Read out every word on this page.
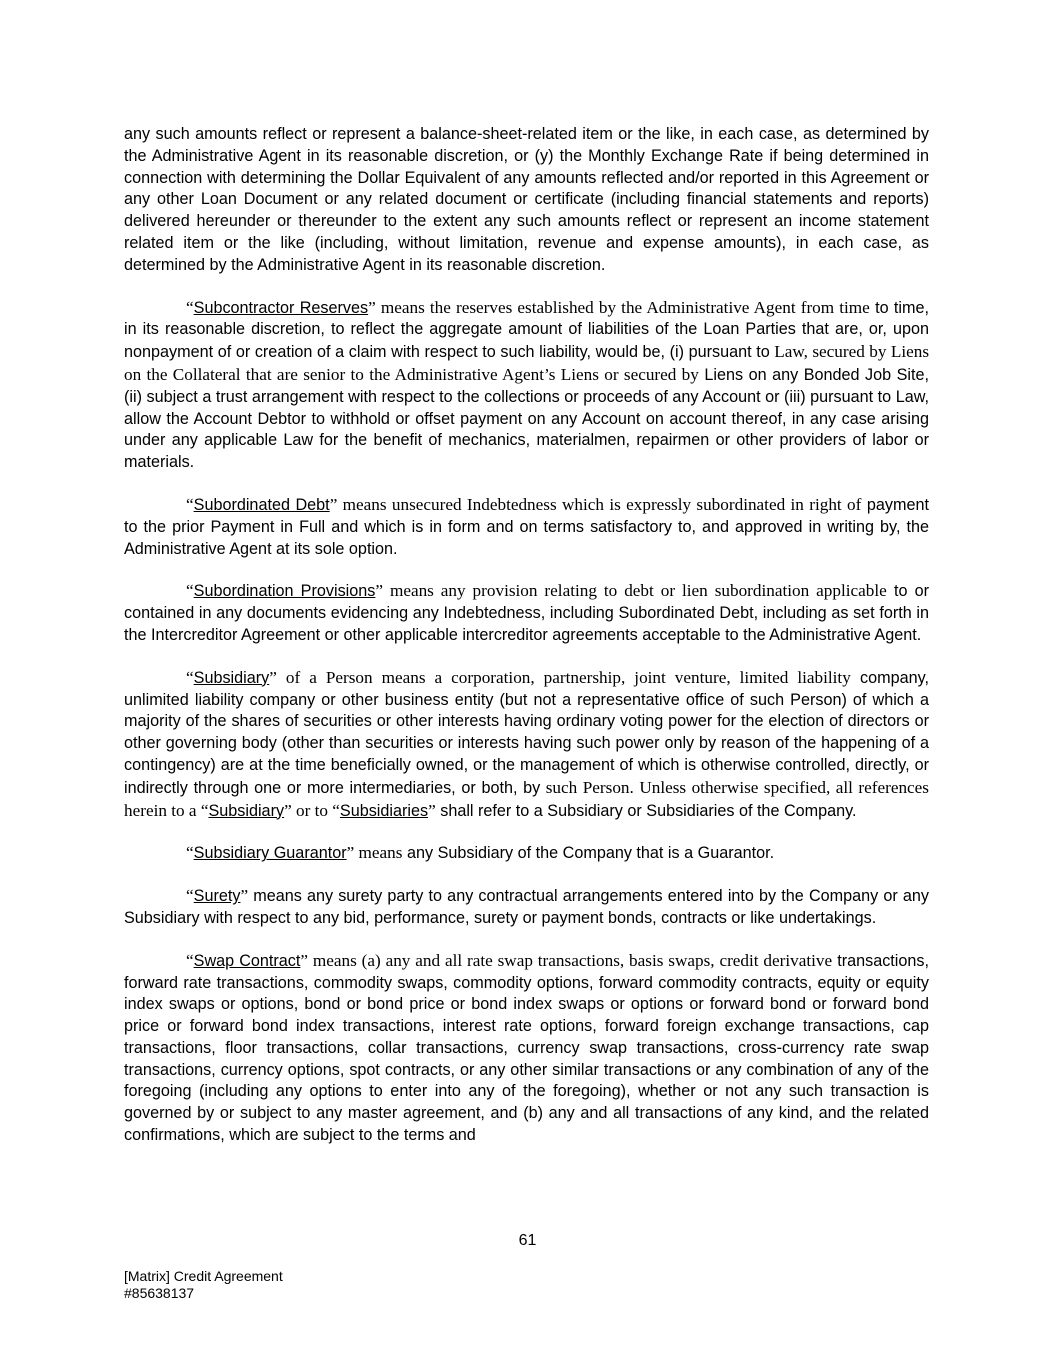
any such amounts reflect or represent a balance-sheet-related item or the like, in each case, as determined by the Administrative Agent in its reasonable discretion, or (y) the Monthly Exchange Rate if being determined in connection with determining the Dollar Equivalent of any amounts reflected and/or reported in this Agreement or any other Loan Document or any related document or certificate (including financial statements and reports) delivered hereunder or thereunder to the extent any such amounts reflect or represent an income statement related item or the like (including, without limitation, revenue and expense amounts), in each case, as determined by the Administrative Agent in its reasonable discretion.

“Subcontractor Reserves” means the reserves established by the Administrative Agent from time to time, in its reasonable discretion, to reflect the aggregate amount of liabilities of the Loan Parties that are, or, upon nonpayment of or creation of a claim with respect to such liability, would be, (i) pursuant to Law, secured by Liens on the Collateral that are senior to the Administrative Agent’s Liens or secured by Liens on any Bonded Job Site, (ii) subject a trust arrangement with respect to the collections or proceeds of any Account or (iii) pursuant to Law, allow the Account Debtor to withhold or offset payment on any Account on account thereof, in any case arising under any applicable Law for the benefit of mechanics, materialmen, repairmen or other providers of labor or materials.

“Subordinated Debt” means unsecured Indebtedness which is expressly subordinated in right of payment to the prior Payment in Full and which is in form and on terms satisfactory to, and approved in writing by, the Administrative Agent at its sole option.

“Subordination Provisions” means any provision relating to debt or lien subordination applicable to or contained in any documents evidencing any Indebtedness, including Subordinated Debt, including as set forth in the Intercreditor Agreement or other applicable intercreditor agreements acceptable to the Administrative Agent.

“Subsidiary” of a Person means a corporation, partnership, joint venture, limited liability company, unlimited liability company or other business entity (but not a representative office of such Person) of which a majority of the shares of securities or other interests having ordinary voting power for the election of directors or other governing body (other than securities or interests having such power only by reason of the happening of a contingency) are at the time beneficially owned, or the management of which is otherwise controlled, directly, or indirectly through one or more intermediaries, or both, by such Person. Unless otherwise specified, all references herein to a “Subsidiary” or to “Subsidiaries” shall refer to a Subsidiary or Subsidiaries of the Company.

“Subsidiary Guarantor” means any Subsidiary of the Company that is a Guarantor.

“Surety” means any surety party to any contractual arrangements entered into by the Company or any Subsidiary with respect to any bid, performance, surety or payment bonds, contracts or like undertakings.

“Swap Contract” means (a) any and all rate swap transactions, basis swaps, credit derivative transactions, forward rate transactions, commodity swaps, commodity options, forward commodity contracts, equity or equity index swaps or options, bond or bond price or bond index swaps or options or forward bond or forward bond price or forward bond index transactions, interest rate options, forward foreign exchange transactions, cap transactions, floor transactions, collar transactions, currency swap transactions, cross-currency rate swap transactions, currency options, spot contracts, or any other similar transactions or any combination of any of the foregoing (including any options to enter into any of the foregoing), whether or not any such transaction is governed by or subject to any master agreement, and (b) any and all transactions of any kind, and the related confirmations, which are subject to the terms and

61
[Matrix] Credit Agreement
#85638137
